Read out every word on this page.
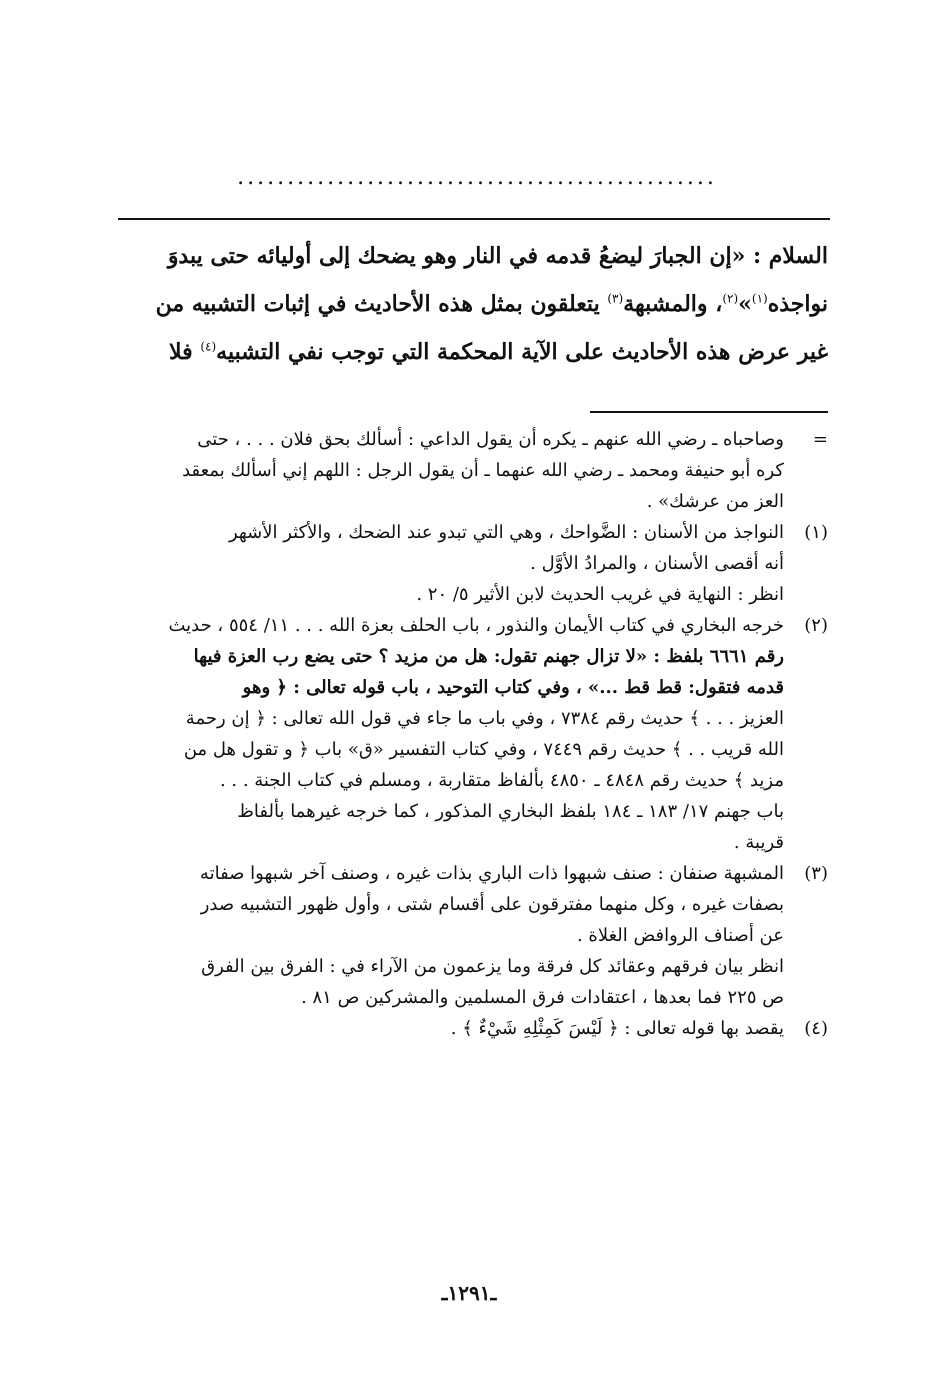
................................................
السلام : «إن الجبارَ ليضعُ قدمه في النار وهو يضحك إلى أوليائه حتى يبدوَ
نواجذه$^{(١)}$»$^{(٢)}$، والمشبهة$^{(٣)}$ يتعلقون بمثل هذه الأحاديث في إثبات التشبيه من
غير عرض هذه الأحاديث على الآية المحكمة التي توجب نفي التشبيه$^{(٤)}$ فلا
=
وصاحباه ـ رضي الله عنهم ـ يكره أن يقول الداعي : أسألك بحق فلان . . . ، حتى
كره أبو حنيفة ومحمد ـ رضي الله عنهما ـ أن يقول الرجل : اللهم إني أسألك بمعقد
العز من عرشك» .
(١)
النواجذ من الأسنان : الضَّواحك ، وهي التي تبدو عند الضحك ، والأكثر الأشهر
أنه أقصى الأسنان ، والمرادُ الأوَّل .
انظر : النهاية في غريب الحديث لابن الأثير ٥/ ٢٠ .
(٢)
خرجه البخاري في كتاب الأيمان والنذور ، باب الحلف بعزة الله . . . ١١/ ٥٥٤ ، حديث
رقم ٦٦٦١ بلفظ : «لا تزال جهنم تقول: هل من مزيد ؟ حتى يضع رب العزة فيها
قدمه فتقول: قط قط ...» ، وفي كتاب التوحيد ، باب قوله تعالى : ﴿ وهو
العزيز . . . ﴾ حديث رقم ٧٣٨٤ ، وفي باب ما جاء في قول الله تعالى : ﴿ إن رحمة
الله قريب . . ﴾ حديث رقم ٧٤٤٩ ، وفي كتاب التفسير «ق» باب ﴿ و تقول هل من
مزيد ﴾ حديث رقم ٤٨٤٨ ـ ٤٨٥٠ بألفاظ متقاربة ، ومسلم في كتاب الجنة . . .
باب جهنم ١٧/ ١٨٣ ـ ١٨٤ بلفظ البخاري المذكور ، كما خرجه غيرهما بألفاظ
قريبة .
(٣)
المشبهة صنفان : صنف شبهوا ذات الباري بذات غيره ، وصنف آخر شبهوا صفاته
بصفات غيره ، وكل منهما مفترقون على أقسام شتى ، وأول ظهور التشبيه صدر
عن أصناف الروافض الغلاة .
انظر بيان فرقهم وعقائد كل فرقة وما يزعمون من الآراء في : الفرق بين الفرق
ص ٢٢٥ فما بعدها ، اعتقادات فرق المسلمين والمشركين ص ٨١ .
(٤)
يقصد بها قوله تعالى : ﴿ لَيْسَ كَمِثْلِهِ شَيْءٌ ﴾ .
ـ١٢٩١ـ
